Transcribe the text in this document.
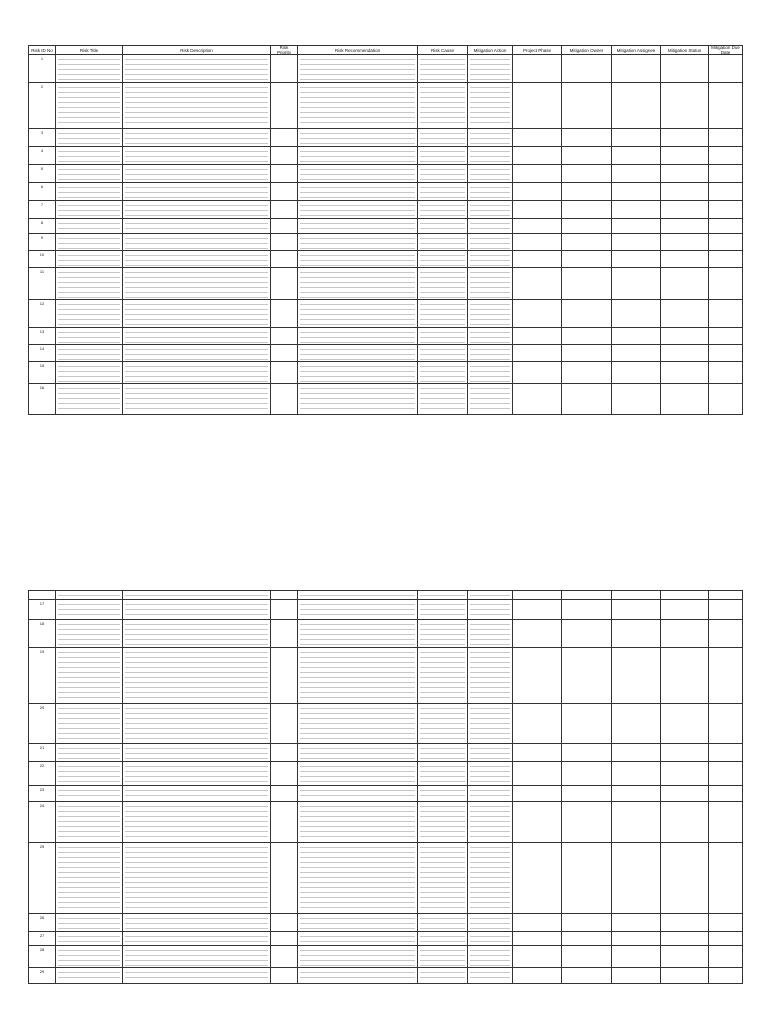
Risk ID No	Risk Title	Risk Description	Risk Priority	Risk Recommendation	Risk Cause	Mitigation Action	Project Phase	Mitigation Owner	Mitigation Assignee	Mitigation Status	Mitigation Due Date
1
2
3
4
5
6
7
8
9
10
11
12
13
14
15
16
17
18
19
20
21
22
23
24
25
26
27
28
29
